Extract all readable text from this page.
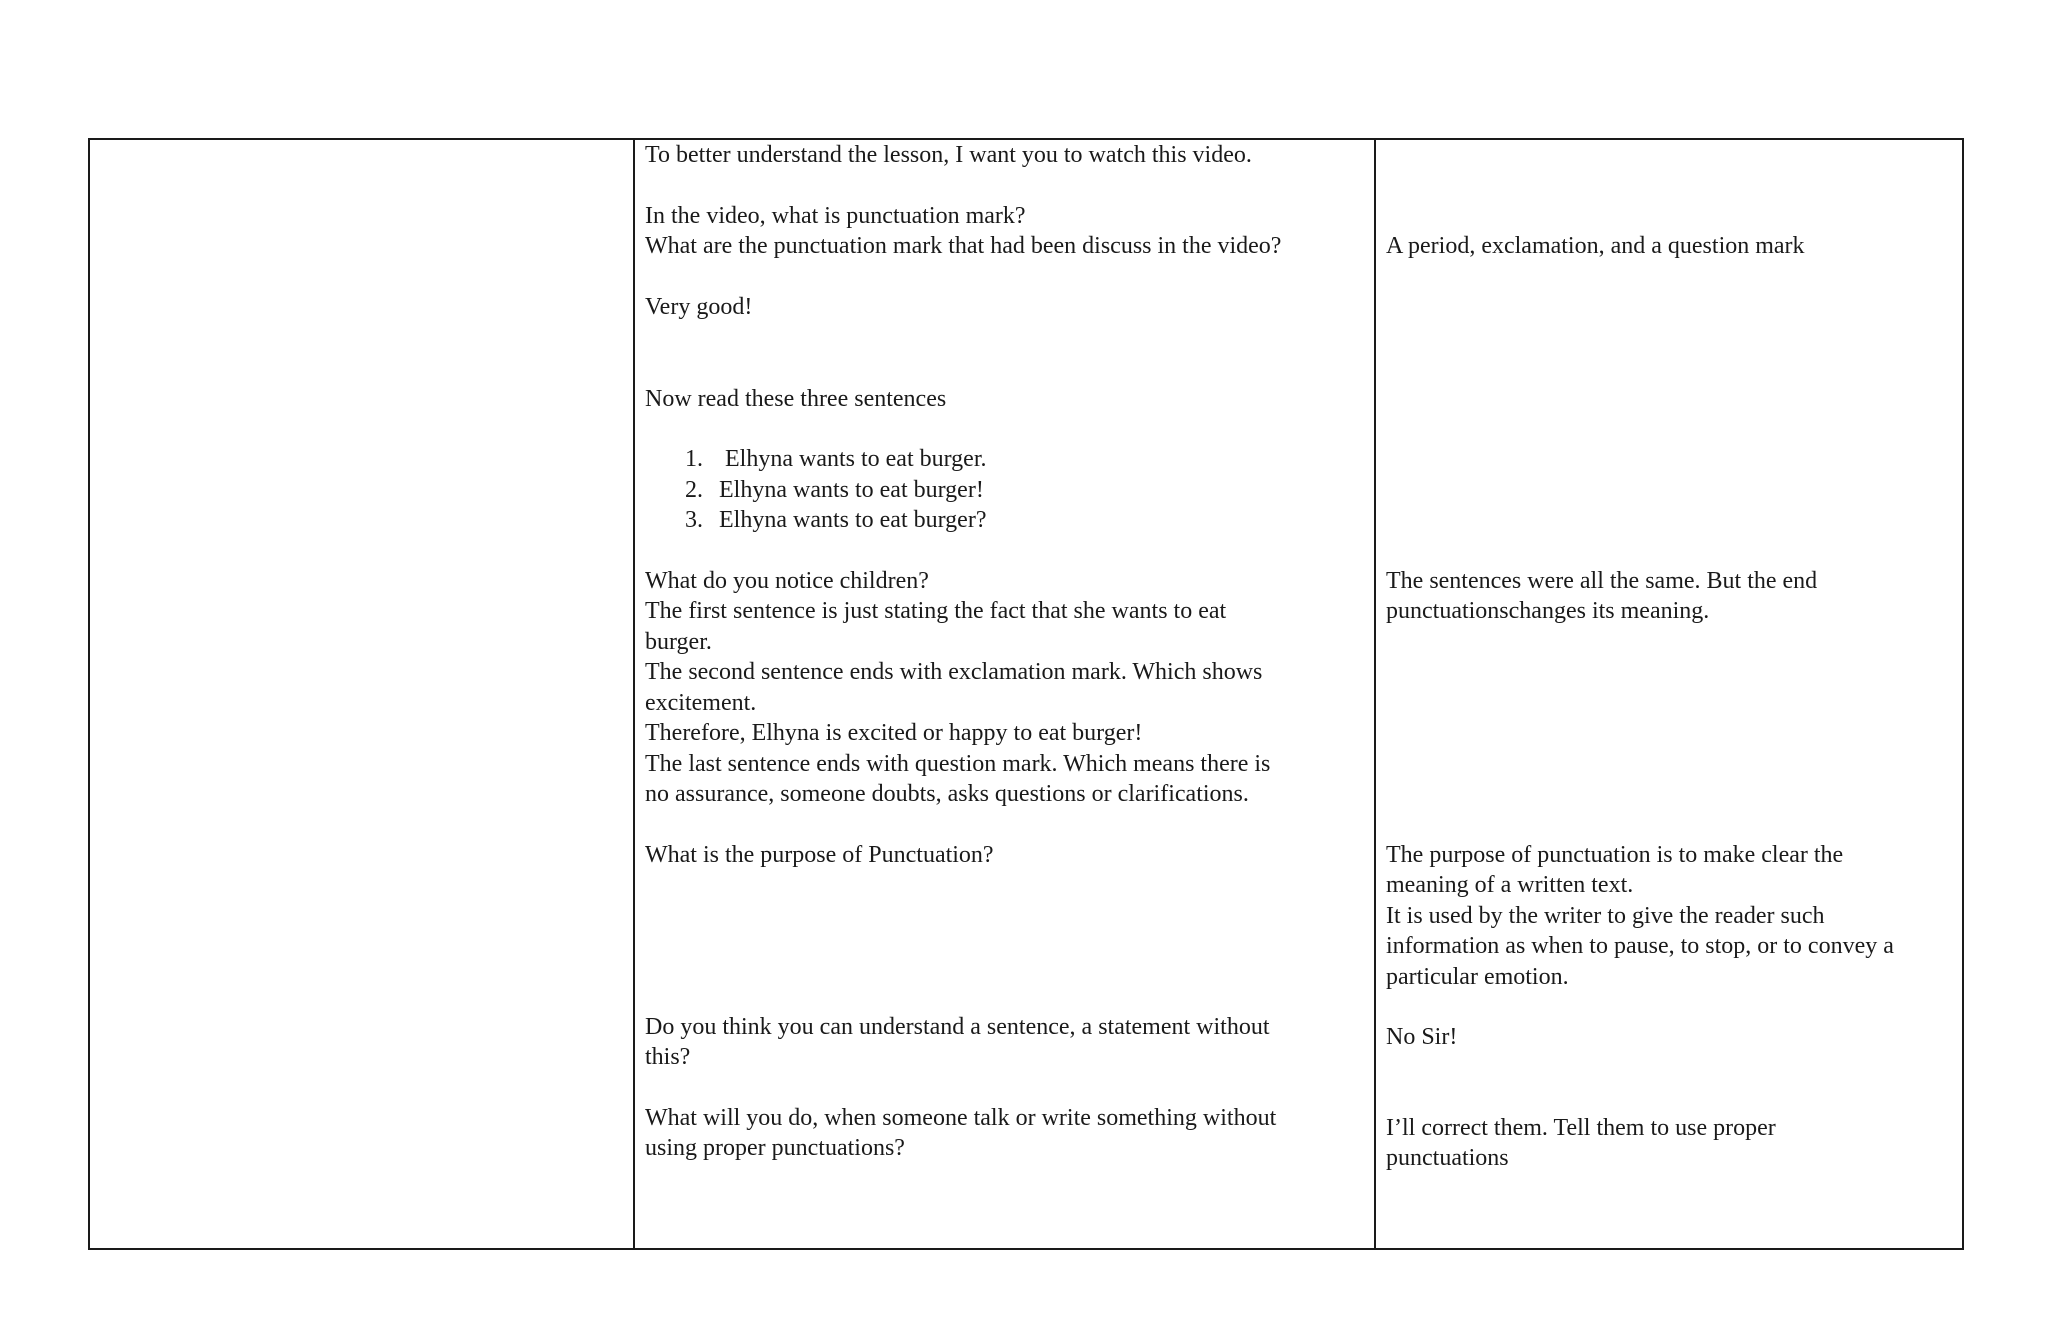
To better understand the lesson, I want you to watch this video.
In the video, what is punctuation mark?
What are the punctuation mark that had been discuss in the video?
Very good!
Now read these three sentences
1. Elhyna wants to eat burger.
2. Elhyna wants to eat burger!
3. Elhyna wants to eat burger?
What do you notice children?
The first sentence is just stating the fact that she wants to eat
burger.
The second sentence ends with exclamation mark. Which shows
excitement.
Therefore, Elhyna is excited or happy to eat burger!
The last sentence ends with question mark. Which means there is
no assurance, someone doubts, asks questions or clarifications.
What is the purpose of Punctuation?
Do you think you can understand a sentence, a statement without
this?
What will you do, when someone talk or write something without
using proper punctuations?
A period, exclamation, and a question mark
The sentences were all the same. But the end
punctuationschanges its meaning.
The purpose of punctuation is to make clear the
meaning of a written text.
It is used by the writer to give the reader such
information as when to pause, to stop, or to convey a
particular emotion.
No Sir!
I’ll correct them. Tell them to use proper
punctuations
